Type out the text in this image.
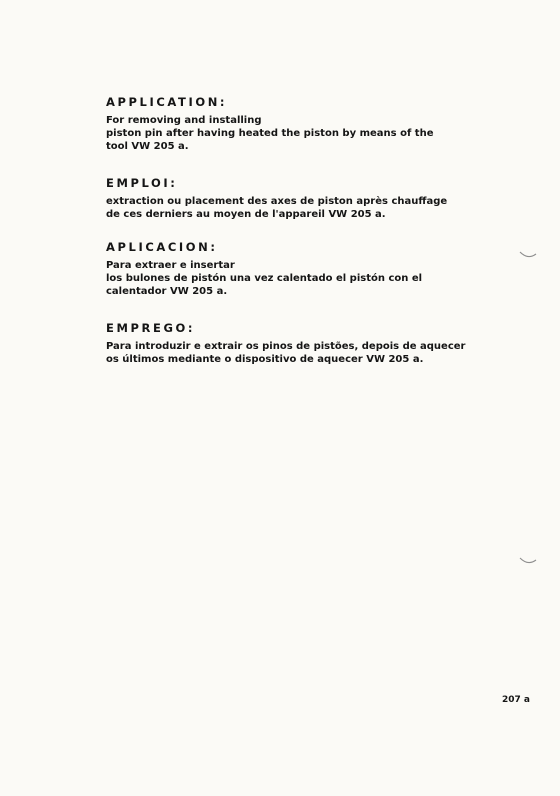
APPLICATION:
For removing and installing
piston pin after having heated the piston by means of the
tool VW 205 a.
EMPLOI:
extraction ou placement des axes de piston après chauffage
de ces derniers au moyen de l'appareil VW 205 a.
APLICACION:
Para extraer e insertar
los bulones de pistón una vez calentado el pistón con el
calentador VW 205 a.
EMPREGO:
Para introduzir e extrair os pinos de pistões, depois de aquecer
os últimos mediante o dispositivo de aquecer VW 205 a.
207 a
